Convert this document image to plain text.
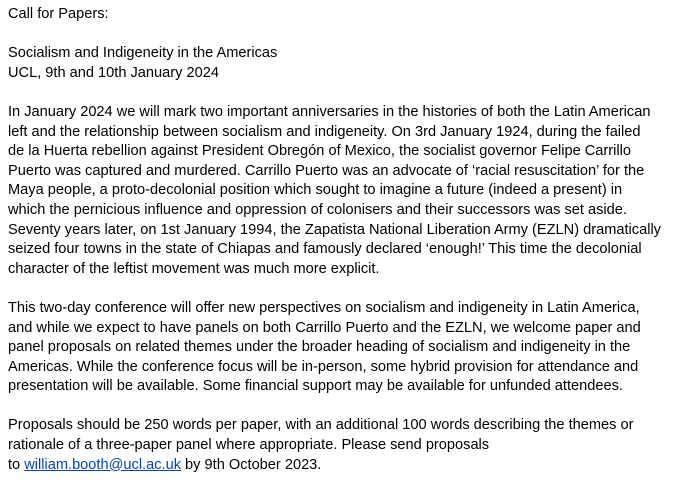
Call for Papers:
Socialism and Indigeneity in the Americas
UCL, 9th and 10th January 2024
In January 2024 we will mark two important anniversaries in the histories of both the Latin American
left and the relationship between socialism and indigeneity. On 3rd January 1924, during the failed
de la Huerta rebellion against President Obregón of Mexico, the socialist governor Felipe Carrillo
Puerto was captured and murdered. Carrillo Puerto was an advocate of ‘racial resuscitation’ for the
Maya people, a proto-decolonial position which sought to imagine a future (indeed a present) in
which the pernicious influence and oppression of colonisers and their successors was set aside.
Seventy years later, on 1st January 1994, the Zapatista National Liberation Army (EZLN) dramatically
seized four towns in the state of Chiapas and famously declared ‘enough!’ This time the decolonial
character of the leftist movement was much more explicit.
This two-day conference will offer new perspectives on socialism and indigeneity in Latin America,
and while we expect to have panels on both Carrillo Puerto and the EZLN, we welcome paper and
panel proposals on related themes under the broader heading of socialism and indigeneity in the
Americas. While the conference focus will be in-person, some hybrid provision for attendance and
presentation will be available. Some financial support may be available for unfunded attendees.
Proposals should be 250 words per paper, with an additional 100 words describing the themes or
rationale of a three-paper panel where appropriate. Please send proposals
to william.booth@ucl.ac.uk by 9th October 2023.
